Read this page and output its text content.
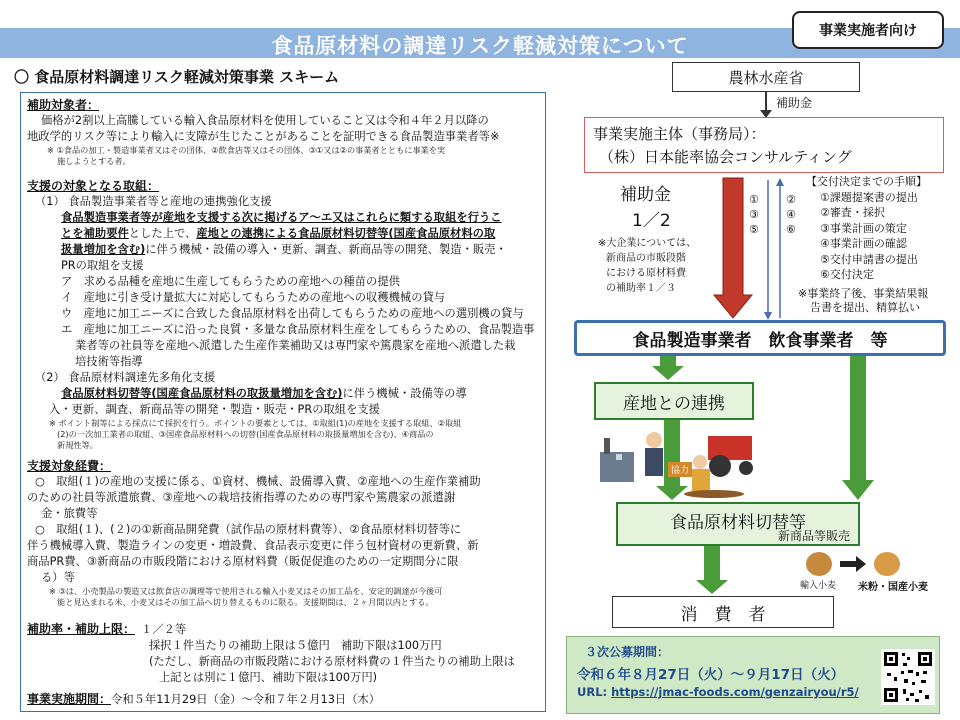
食品原材料の調達リスク軽減対策について
事業実施者向け
〇 食品原材料調達リスク軽減対策事業 スキーム
補助対象者：
価格が2割以上高騰している輸入食品原材料を使用していること又は令和４年２月以降の
地政学的リスク等により輸入に支障が生じたことがあることを証明できる食品製造事業者等※
※ ①食品の加工・製造事業者又はその団体、②飲食店等又はその団体、③①又は②の事業者とともに事業を実
施しようとする者。
支援の対象となる取組：
（1） 食品製造事業者等と産地の連携強化支援
食品製造事業者等が産地を支援する次に掲げるア～エ又はこれらに類する取組を行うこ
とを補助要件とした上で、産地との連携による食品原材料切替等(国産食品原材料の取
扱量増加を含む)に伴う機械・設備の導入・更新、調査、新商品等の開発、製造・販売・
PRの取組を支援
ア　求める品種を産地に生産してもらうための産地への種苗の提供
イ　産地に引き受け量拡大に対応してもらうための産地への収穫機械の貸与
ウ　産地に加工ニーズに合致した食品原材料を出荷してもらうための産地への選別機の貸与
エ　産地に加工ニーズに沿った良質・多量な食品原材料生産をしてもらうための、食品製造事
業者等の社員等を産地へ派遣した生産作業補助又は専門家や篤農家を産地へ派遣した栽
培技術等指導
（2） 食品原材料調達先多角化支援
食品原材料切替等(国産食品原材料の取扱量増加を含む)に伴う機械・設備等の導
入・更新、調査、新商品等の開発・製造・販売・PRの取組を支援
※ ポイント制等による採点にて採択を行う。ポイントの要素としては、①取組(1)の産地を支援する取組、②取組
(2)の一次加工業者の取組、③国産食品原材料への切替(国産食品原材料の取扱量増加を含む)、④商品の
新規性等。
支援対象経費：
○　取組(１)の産地の支援に係る、①資材、機械、設備導入費、②産地への生産作業補助
のための社員等派遣旅費、③産地への栽培技術指導のための専門家や篤農家の派遣謝
金・旅費等
○　取組(１)、(２)の①新商品開発費（試作品の原材料費等）、②食品原材料切替等に
伴う機械導入費、製造ラインの変更・増設費、食品表示変更に伴う包材資材の更新費、新
商品PR費、③新商品の市販段階における原材料費（販促促進のための一定期間分に限
る）等
※ ③は、小売製品の製造又は飲食店の調理等で使用される輸入小麦又はその加工品を、安定的調達が今後可
能と見込まれる米、小麦又はその加工品へ切り替えるものに限る。支援期間は、２ヶ月間以内とする。
補助率・補助上限： １／２等
採択１件当たりの補助上限は５億円　補助下限は100万円
(ただし、新商品の市販段階における原材料費の１件当たりの補助上限は
上記とは別に１億円、補助下限は100万円)
事業実施期間：令和５年11月29日（金）～令和７年２月13日（木）
農林水産省
補助金
事業実施主体（事務局）：
（株）日本能率協会コンサルティング
補助金
1／2
※大企業については、
新商品の市販段階
における原材料費
の補助率１／３
①
③
⑤
②
④
⑥
【交付決定までの手順】
①課題提案書の提出
②審査・採択
③事業計画の策定
④事業計画の確認
⑤交付申請書の提出
⑥交付決定
※事業終了後、事業結果報
告書を提出、精算払い
食品製造事業者　飲食事業者　等
産地との連携
協力
食品原材料切替等
新商品等販売
輸入小麦 米粉・国産小麦
消　費　者
３次公募期間：
令和６年８月27日（火）～９月17日（火）
URL: https://jmac-foods.com/genzairyou/r5/
